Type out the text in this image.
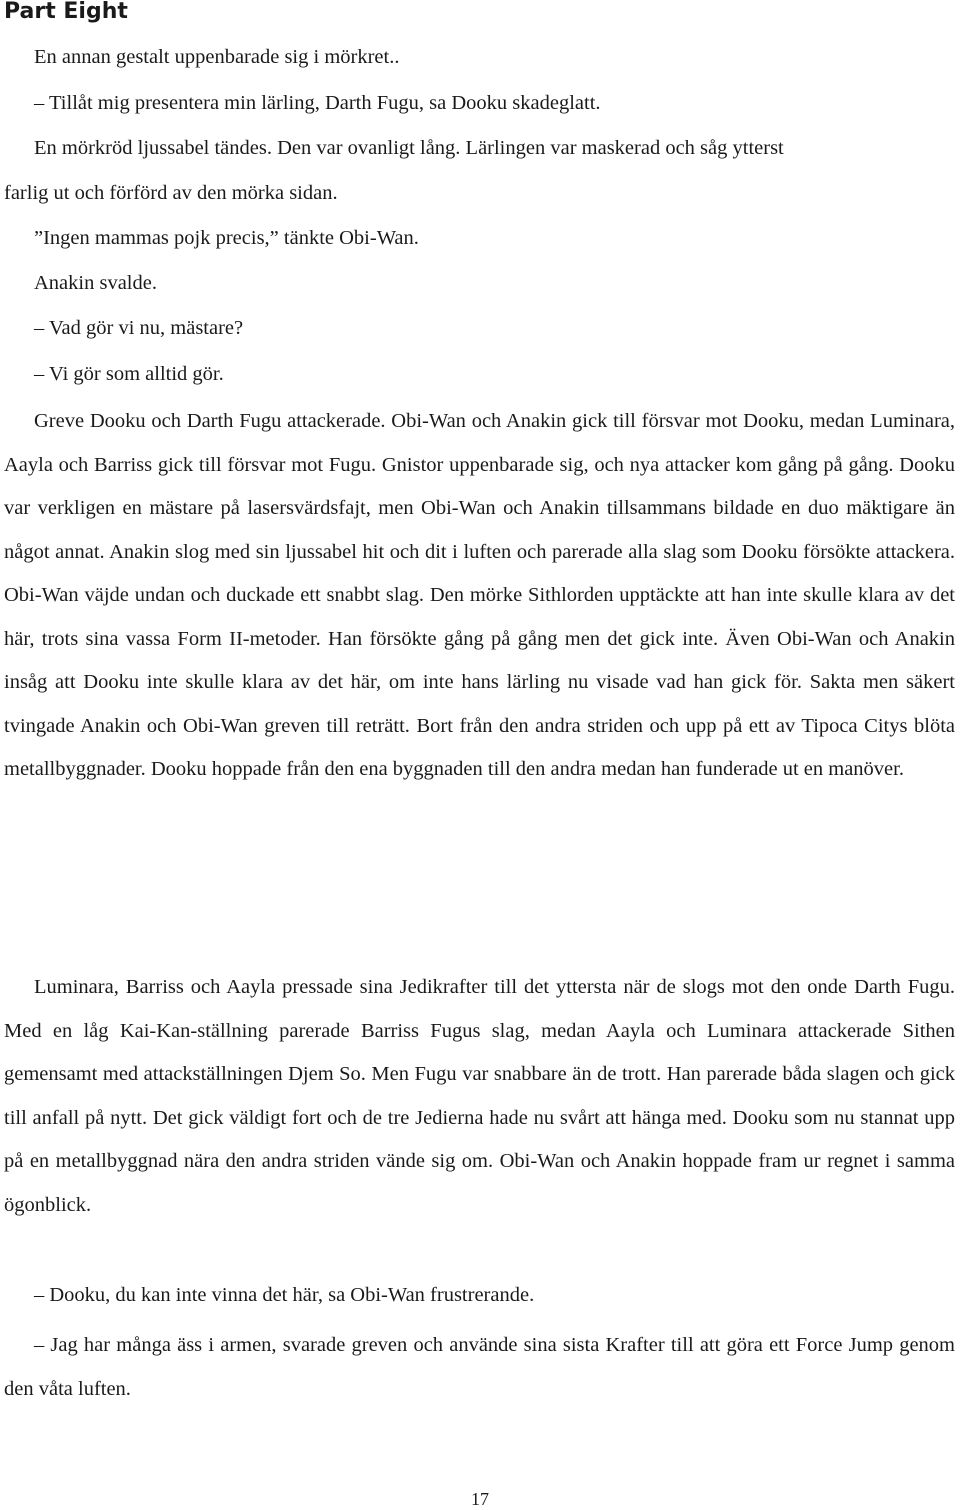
Part Eight

En annan gestalt uppenbarade sig i mörkret..

– Tillåt mig presentera min lärling, Darth Fugu, sa Dooku skadeglatt.

En mörkröd ljussabel tändes. Den var ovanligt lång. Lärlingen var maskerad och såg ytterst

farlig ut och förförd av den mörka sidan.

”Ingen mammas pojk precis,” tänkte Obi-Wan.

Anakin svalde.

– Vad gör vi nu, mästare?

– Vi gör som alltid gör.

Greve Dooku och Darth Fugu attackerade. Obi-Wan och Anakin gick till försvar mot Dooku, medan Luminara, Aayla och Barriss gick till försvar mot Fugu. Gnistor uppenbarade sig, och nya attacker kom gång på gång. Dooku var verkligen en mästare på lasersvärdsfajt, men Obi-Wan och Anakin tillsammans bildade en duo mäktigare än något annat. Anakin slog med sin ljussabel hit och dit i luften och parerade alla slag som Dooku försökte attackera. Obi-Wan väjde undan och duckade ett snabbt slag. Den mörke Sithlorden upptäckte att han inte skulle klara av det här, trots sina vassa Form II-metoder. Han försökte gång på gång men det gick inte. Även Obi-Wan och Anakin insåg att Dooku inte skulle klara av det här, om inte hans lärling nu visade vad han gick för. Sakta men säkert tvingade Anakin och Obi-Wan greven till reträtt. Bort från den andra striden och upp på ett av Tipoca Citys blöta metallbyggnader. Dooku hoppade från den ena byggnaden till den andra medan han funderade ut en manöver.

Luminara, Barriss och Aayla pressade sina Jedikrafter till det yttersta när de slogs mot den onde Darth Fugu. Med en låg Kai-Kan-ställning parerade Barriss Fugus slag, medan Aayla och Luminara attackerade Sithen gemensamt med attackställningen Djem So. Men Fugu var snabbare än de trott. Han parerade båda slagen och gick till anfall på nytt. Det gick väldigt fort och de tre Jedierna hade nu svårt att hänga med. Dooku som nu stannat upp på en metallbyggnad nära den andra striden vände sig om. Obi-Wan och Anakin hoppade fram ur regnet i samma ögonblick.

– Dooku, du kan inte vinna det här, sa Obi-Wan frustrerande.

– Jag har många äss i armen, svarade greven och använde sina sista Krafter till att göra ett Force Jump genom den våta luften.

17
